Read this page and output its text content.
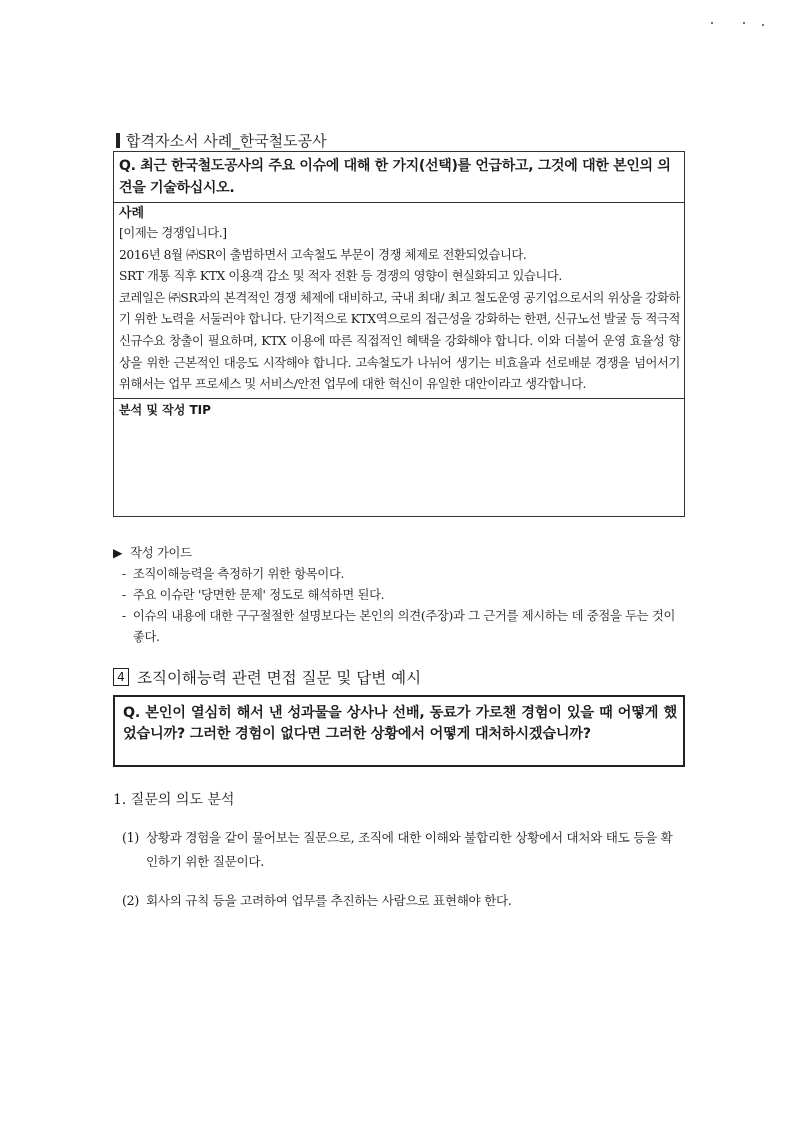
합격자소서 사례_한국철도공사
Q. 최근 한국철도공사의 주요 이슈에 대해 한 가지(선택)를 언급하고, 그것에 대한 본인의 의견을 기술하십시오.
사례

[이제는 경쟁입니다.]

2016년 8월 ㈜SR이 출범하면서 고속철도 부문이 경쟁 체제로 전환되었습니다.

SRT 개통 직후 KTX 이용객 감소 및 적자 전환 등 경쟁의 영향이 현실화되고 있습니다.

코레일은 ㈜SR과의 본격적인 경쟁 체제에 대비하고, 국내 최대/ 최고 철도운영 공기업으로서의 위상을 강화하기 위한 노력을 서둘러야 합니다. 단기적으로 KTX역으로의 접근성을 강화하는 한편, 신규노선 발굴 등 적극적 신규수요 창출이 필요하며, KTX 이용에 따른 직접적인 혜택을 강화해야 합니다. 이와 더불어 운영 효율성 향상을 위한 근본적인 대응도 시작해야 합니다. 고속철도가 나뉘어 생기는 비효율과 선로배분 경쟁을 넘어서기 위해서는 업무 프로세스 및 서비스/안전 업무에 대한 혁신이 유일한 대안이라고 생각합니다.

분석 및 작성 TIP
▶ 작성 가이드
- 조직이해능력을 측정하기 위한 항목이다.
- 주요 이슈란 '당면한 문제' 정도로 해석하면 된다.
- 이슈의 내용에 대한 구구절절한 설명보다는 본인의 의견(주장)과 그 근거를 제시하는 데 중점을 두는 것이 좋다.
4 조직이해능력 관련 면접 질문 및 답변 예시
Q. 본인이 열심히 해서 낸 성과물을 상사나 선배, 동료가 가로챈 경험이 있을 때 어떻게 했었습니까? 그러한 경험이 없다면 그러한 상황에서 어떻게 대처하시겠습니까?
1. 질문의 의도 분석
(1) 상황과 경험을 같이 물어보는 질문으로, 조직에 대한 이해와 불합리한 상황에서 대처와 태도 등을 확인하기 위한 질문이다.
(2) 회사의 규칙 등을 고려하여 업무를 추진하는 사람으로 표현해야 한다.
